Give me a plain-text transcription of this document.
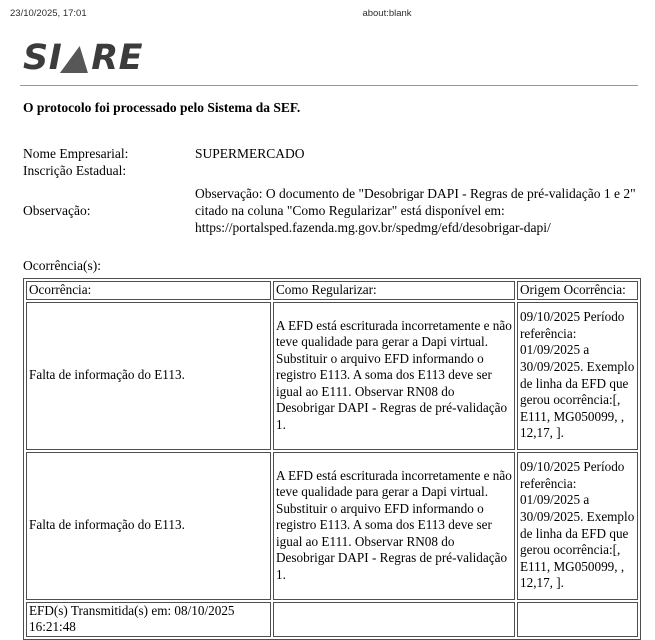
23/10/2025, 17:01	about:blank
SI RE
O protocolo foi processado pelo Sistema da SEF.
Nome Empresarial:	SUPERMERCADO
Inscrição Estadual:
Observação:
Observação: O documento de "Desobrigar DAPI - Regras de pré-validação 1 e 2" citado na coluna "Como Regularizar" está disponível em: https://portalsped.fazenda.mg.gov.br/spedmg/efd/desobrigar-dapi/
Ocorrência(s):
Ocorrência:	Como Regularizar:	Origem Ocorrência:
Falta de informação do E113.	A EFD está escriturada incorretamente e não teve qualidade para gerar a Dapi virtual. Substituir o arquivo EFD informando o registro E113. A soma dos E113 deve ser igual ao E111. Observar RN08 do Desobrigar DAPI - Regras de pré-validação 1.	09/10/2025 Período referência: 01/09/2025 a 30/09/2025. Exemplo de linha da EFD que gerou ocorrência:[, E111, MG050099, , 12,17, ].
Falta de informação do E113.	A EFD está escriturada incorretamente e não teve qualidade para gerar a Dapi virtual. Substituir o arquivo EFD informando o registro E113. A soma dos E113 deve ser igual ao E111. Observar RN08 do Desobrigar DAPI - Regras de pré-validação 1.	09/10/2025 Período referência: 01/09/2025 a 30/09/2025. Exemplo de linha da EFD que gerou ocorrência:[, E111, MG050099, , 12,17, ].
EFD(s) Transmitida(s) em: 08/10/2025 16:21:48		
